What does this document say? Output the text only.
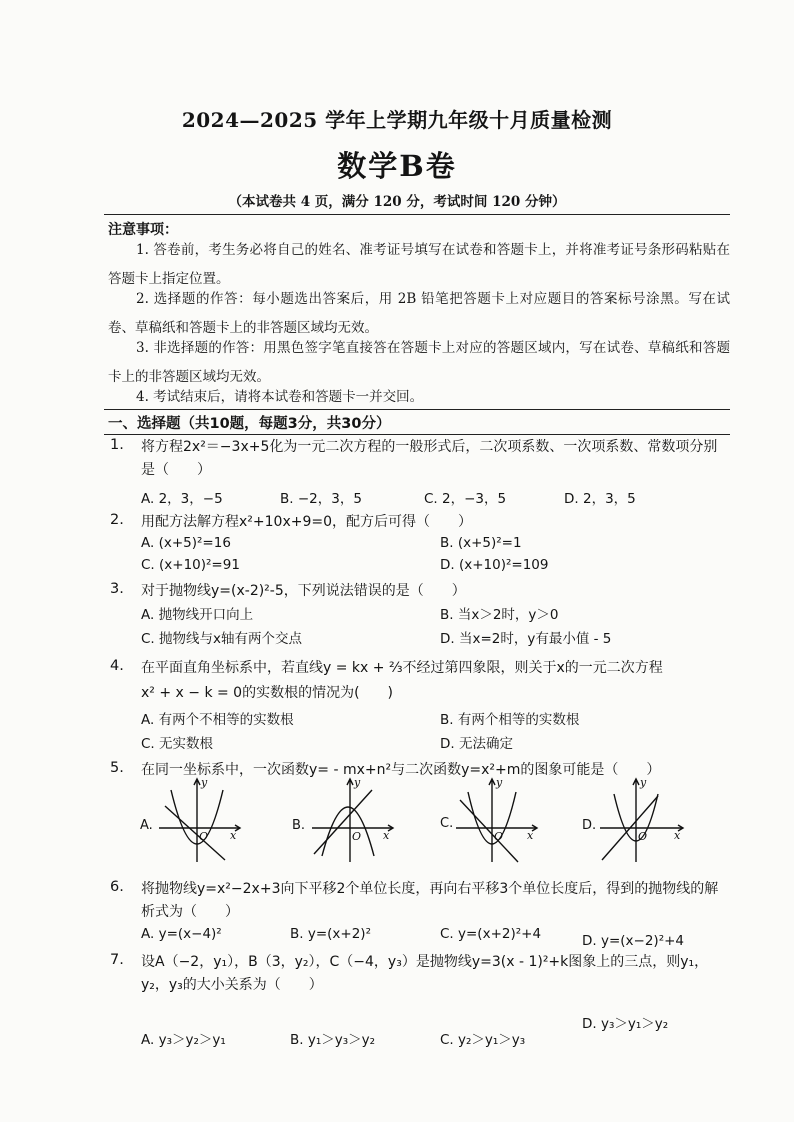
2024—2025 学年上学期九年级十月质量检测
数学B卷
（本试卷共 4 页，满分 120 分，考试时间 120 分钟）
注意事项：
1. 答卷前，考生务必将自己的姓名、准考证号填写在试卷和答题卡上，并将准考证号条形码粘贴在答题卡上指定位置。
2. 选择题的作答：每小题选出答案后，用 2B 铅笔把答题卡上对应题目的答案标号涂黑。写在试卷、草稿纸和答题卡上的非答题区域均无效。
3. 非选择题的作答：用黑色签字笔直接答在答题卡上对应的答题区域内，写在试卷、草稿纸和答题卡上的非答题区域均无效。
4. 考试结束后，请将本试卷和答题卡一并交回。
一、选择题（共10题，每题3分，共30分）
1. 将方程2x²＝−3x+5化为一元二次方程的一般形式后，二次项系数、一次项系数、常数项分别是（　　）
A. 2，3，−5	B. −2，3，5	C. 2，−3，5	D. 2，3，5
2. 用配方法解方程x²+10x+9=0，配方后可得（　　）
A. (x+5)²=16	B. (x+5)²=1
C. (x+10)²=91	D. (x+10)²=109
3. 对于抛物线y=(x-2)²-5，下列说法错误的是（　　）
A. 抛物线开口向上	B. 当x＞2时，y＞0
C. 抛物线与x轴有两个交点	D. 当x=2时，y有最小值 - 5
4. 在平面直角坐标系中，若直线y = kx + ⅔不经过第四象限，则关于x的一元二次方程
x² + x − k = 0的实数根的情况为(　　)
A. 有两个不相等的实数根	B. 有两个相等的实数根
C. 无实数根	D. 无法确定
5. 在同一坐标系中，一次函数y= - mx+n²与二次函数y=x²+m的图象可能是（　　）
A.
x
y
O
B.
x
y
O
C.
x
y
O
D.
x
y
O
6. 将抛物线y=x²−2x+3向下平移2个单位长度，再向右平移3个单位长度后，得到的抛物线的解析式为（　　）
A. y=(x−4)²	B. y=(x+2)²	C. y=(x+2)²+4	D. y=(x−2)²+4
7. 设A（−2，y₁），B（3，y₂），C（−4，y₃）是抛物线y=3(x - 1)²+k图象上的三点，则y₁，y₂，y₃的大小关系为（　　）
A. y₃＞y₂＞y₁	B. y₁＞y₃＞y₂	C. y₂＞y₁＞y₃
D. y₃＞y₁＞y₂
